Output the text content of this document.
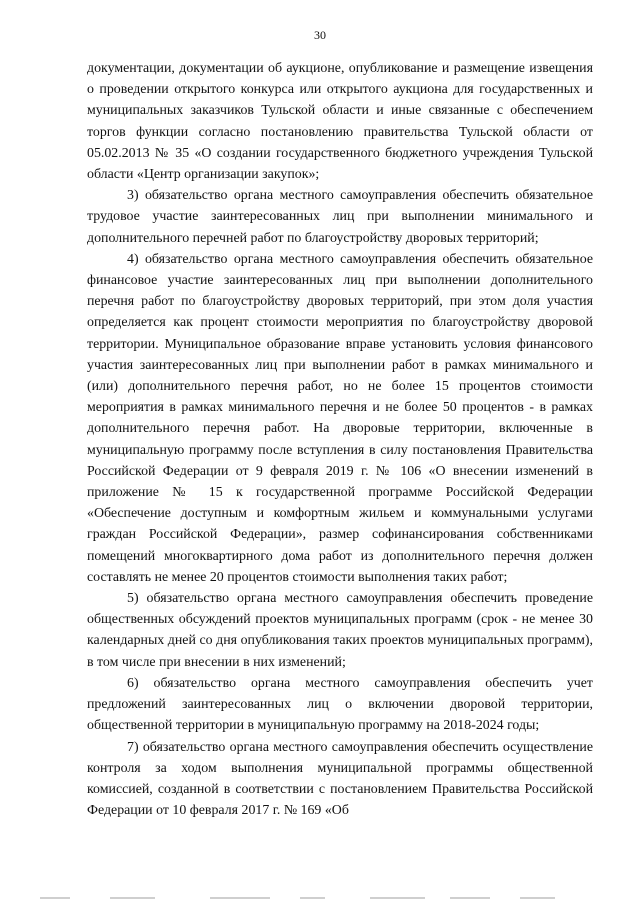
30

документации, документации об аукционе, опубликование и размещение извещения о проведении открытого конкурса или открытого аукциона для государственных и муниципальных заказчиков Тульской области и иные связанные с обеспечением торгов функции согласно постановлению правительства Тульской области от 05.02.2013 № 35 «О создании государственного бюджетного учреждения Тульской области «Центр организации закупок»;

3) обязательство органа местного самоуправления обеспечить обязательное трудовое участие заинтересованных лиц при выполнении минимального и дополнительного перечней работ по благоустройству дворовых территорий;

4) обязательство органа местного самоуправления обеспечить обязательное финансовое участие заинтересованных лиц при выполнении дополнительного перечня работ по благоустройству дворовых территорий, при этом доля участия определяется как процент стоимости мероприятия по благоустройству дворовой территории. Муниципальное образование вправе установить условия финансового участия заинтересованных лиц при выполнении работ в рамках минимального и (или) дополнительного перечня работ, но не более 15 процентов стоимости мероприятия в рамках минимального перечня и не более 50 процентов - в рамках дополнительного перечня работ. На дворовые территории, включенные в муниципальную программу после вступления в силу постановления Правительства Российской Федерации от 9 февраля 2019 г. № 106 «О внесении изменений в приложение № 15 к государственной программе Российской Федерации «Обеспечение доступным и комфортным жильем и коммунальными услугами граждан Российской Федерации», размер софинансирования собственниками помещений многоквартирного дома работ из дополнительного перечня должен составлять не менее 20 процентов стоимости выполнения таких работ;

5) обязательство органа местного самоуправления обеспечить проведение общественных обсуждений проектов муниципальных программ (срок - не менее 30 календарных дней со дня опубликования таких проектов муниципальных программ), в том числе при внесении в них изменений;

6) обязательство органа местного самоуправления обеспечить учет предложений заинтересованных лиц о включении дворовой территории, общественной территории в муниципальную программу на 2018-2024 годы;

7) обязательство органа местного самоуправления обеспечить осуществление контроля за ходом выполнения муниципальной программы общественной комиссией, созданной в соответствии с постановлением Правительства Российской Федерации от 10 февраля 2017 г. № 169 «Об
